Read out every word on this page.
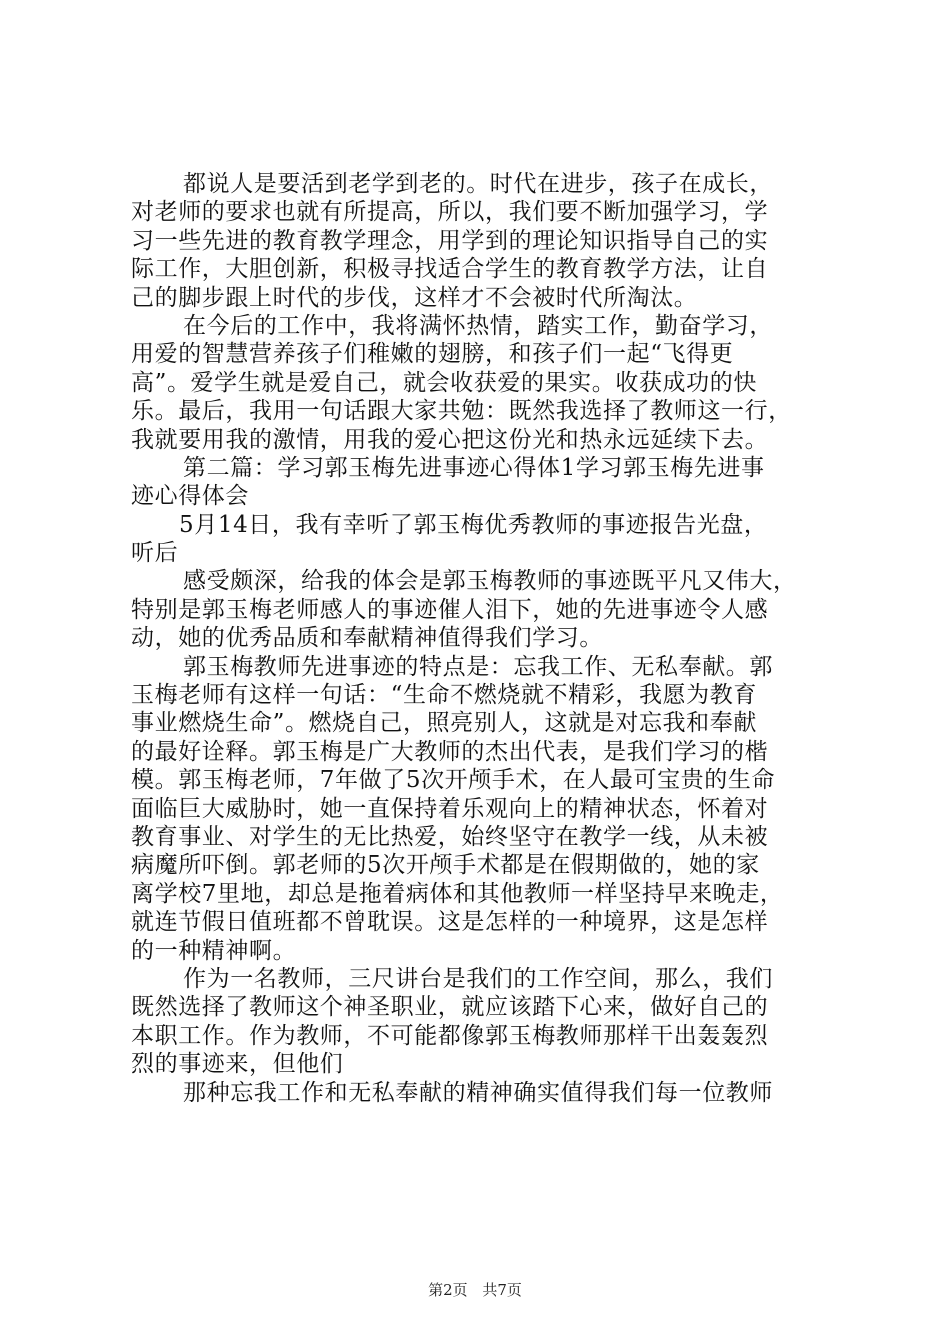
都说人是要活到老学到老的。时代在进步，孩子在成长，
对老师的要求也就有所提高，所以，我们要不断加强学习，学
习一些先进的教育教学理念，用学到的理论知识指导自己的实
际工作，大胆创新，积极寻找适合学生的教育教学方法，让自
己的脚步跟上时代的步伐，这样才不会被时代所淘汰。
在今后的工作中，我将满怀热情，踏实工作，勤奋学习，
用爱的智慧营养孩子们稚嫩的翅膀，和孩子们一起“飞得更
高”。爱学生就是爱自己，就会收获爱的果实。收获成功的快
乐。最后，我用一句话跟大家共勉：既然我选择了教师这一行，
我就要用我的激情，用我的爱心把这份光和热永远延续下去。
第二篇：学习郭玉梅先进事迹心得体1学习郭玉梅先进事
迹心得体会
5月14日，我有幸听了郭玉梅优秀教师的事迹报告光盘，
听后
感受颇深，给我的体会是郭玉梅教师的事迹既平凡又伟大，
特别是郭玉梅老师感人的事迹催人泪下，她的先进事迹令人感
动，她的优秀品质和奉献精神值得我们学习。
郭玉梅教师先进事迹的特点是：忘我工作、无私奉献。郭
玉梅老师有这样一句话：“生命不燃烧就不精彩，我愿为教育
事业燃烧生命”。燃烧自己，照亮别人，这就是对忘我和奉献
的最好诠释。郭玉梅是广大教师的杰出代表，是我们学习的楷
模。郭玉梅老师，7年做了5次开颅手术，在人最可宝贵的生命
面临巨大威胁时，她一直保持着乐观向上的精神状态，怀着对
教育事业、对学生的无比热爱，始终坚守在教学一线，从未被
病魔所吓倒。郭老师的5次开颅手术都是在假期做的，她的家
离学校7里地，却总是拖着病体和其他教师一样坚持早来晚走，
就连节假日值班都不曾耽误。这是怎样的一种境界，这是怎样
的一种精神啊。
作为一名教师，三尺讲台是我们的工作空间，那么，我们
既然选择了教师这个神圣职业，就应该踏下心来，做好自己的
本职工作。作为教师，不可能都像郭玉梅教师那样干出轰轰烈
烈的事迹来，但他们
那种忘我工作和无私奉献的精神确实值得我们每一位教师
第2页 共7页
